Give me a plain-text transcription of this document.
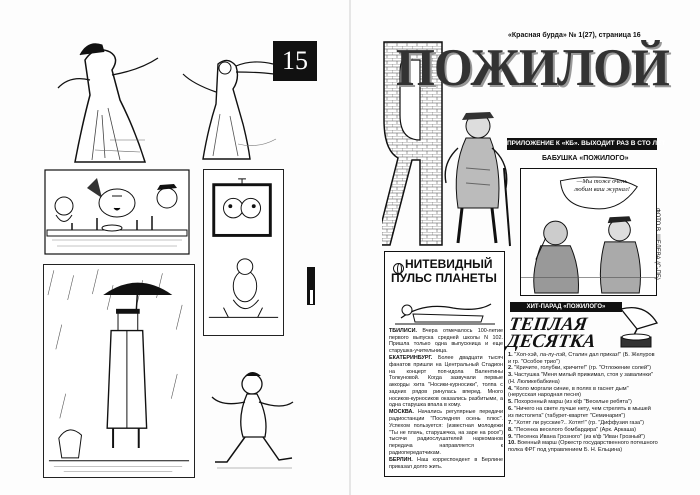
15
«Красная бурда» № 1(27), страница 16
ПОЖИЛОЙ
ПРИЛОЖЕНИЕ К «КБ». ВЫХОДИТ РАЗ В СТО ЛЕТ
БАБУШКА «ПОЖИЛОГО»
—Мы тоже очень любим ваш журнал!
ФОТО В. ШЕЛЕВА (С-ПБ)
НИТЕВИДНЫЙ
ПУЛЬС ПЛАНЕТЫ

ТБИЛИСИ. Вчера отмечалось 100-летие первого выпуска средней школы N 102. Пришла только одна выпускница и еще старушка-учительница.

ЕКАТЕРИНБУРГ. Более двадцати тысяч фанатов пришли на Центральный Стадион на концерт поп-идола Валентины Толкуновой. Когда зазвучали первые аккорды хита "Носики-курносики", толпа с задних рядов ринулась вперед. Много носиков-курносиков оказались разбитыми, а одна старушка впала в кому.

МОСКВА. Начались регулярные передачи радиостанции "Последняя осень плюс". Успехом пользуется: (известная молодежи "Ты не плачь, старушечка, на заре на росе") тысячи радиослушателей наркоманов передача направляется к радиопередатчикам.

БЕРЛИН. Наш корреспондент в Берлине приказал долго жить.

ХИТ-ПАРАД «ПОЖИЛОГО»
ТЕПЛАЯ ДЕСЯТКА
1. "Хоп-хэй, ла-лу-лэй, Сталин дал приказ!" (Б. Желуров и гр. "Особое трио")
2. "Кричите, голубки, кричите!" (гр. "Отложение солей")
3. Частушка "Меня милый прижимал, стоя у завалинки" (Н. Люликебабкина)
4. "Коло моргали синие, в полях в гаснет дым" (нерусская народная песня)
5. Похоронный марш (из к/ф "Веселые ребята")
6. "Ничего на свете лучше нету, чем стрелять в мышей из пистолета" (табурет-квартет "Семинария")
7. "Хотят ли русские?.. Хотят!" (гр. "Диффузия газа")
8. "Песенка веселого бомбардира" (Арк. Аркаша)
9. "Песенка Ивана Грозного" (из к/ф "Иван Грозный")
10. Военный марш (Оркестр государственного потешного полка ФРГ под управлением Б. Н. Ельцина)
